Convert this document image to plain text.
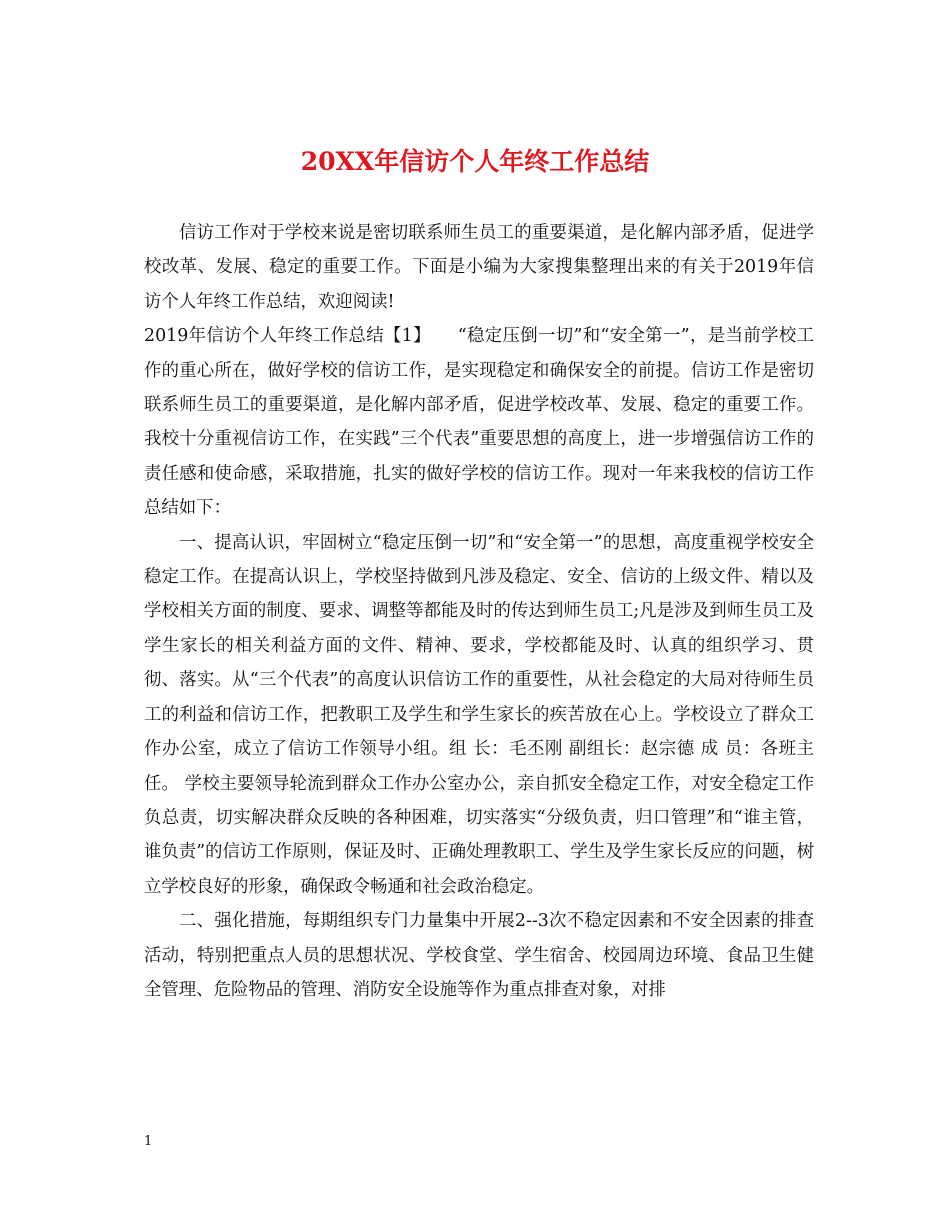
20XX年信访个人年终工作总结

信访工作对于学校来说是密切联系师生员工的重要渠道，是化解内部矛盾，促进学校改革、发展、稳定的重要工作。下面是小编为大家搜集整理出来的有关于2019年信访个人年终工作总结，欢迎阅读!

2019年信访个人年终工作总结【1】　　“稳定压倒一切”和“安全第一”，是当前学校工作的重心所在，做好学校的信访工作，是实现稳定和确保安全的前提。信访工作是密切联系师生员工的重要渠道，是化解内部矛盾，促进学校改革、发展、稳定的重要工作。我校十分重视信访工作，在实践”三个代表”重要思想的高度上，进一步增强信访工作的责任感和使命感，采取措施，扎实的做好学校的信访工作。现对一年来我校的信访工作总结如下：

一、提高认识，牢固树立“稳定压倒一切”和“安全第一”的思想，高度重视学校安全稳定工作。在提高认识上，学校坚持做到凡涉及稳定、安全、信访的上级文件、精以及学校相关方面的制度、要求、调整等都能及时的传达到师生员工;凡是涉及到师生员工及学生家长的相关利益方面的文件、精神、要求，学校都能及时、认真的组织学习、贯彻、落实。从“三个代表”的高度认识信访工作的重要性，从社会稳定的大局对待师生员工的利益和信访工作，把教职工及学生和学生家长的疾苦放在心上。学校设立了群众工作办公室，成立了信访工作领导小组。组 长：毛丕刚 副组长：赵宗德 成 员：各班主任。 学校主要领导轮流到群众工作办公室办公，亲自抓安全稳定工作，对安全稳定工作负总责，切实解决群众反映的各种困难，切实落实“分级负责，归口管理”和“谁主管，谁负责”的信访工作原则，保证及时、正确处理教职工、学生及学生家长反应的问题，树立学校良好的形象，确保政令畅通和社会政治稳定。

二、强化措施，每期组织专门力量集中开展2--3次不稳定因素和不安全因素的排查活动，特别把重点人员的思想状况、学校食堂、学生宿舍、校园周边环境、食品卫生健全管理、危险物品的管理、消防安全设施等作为重点排查对象，对排

1
